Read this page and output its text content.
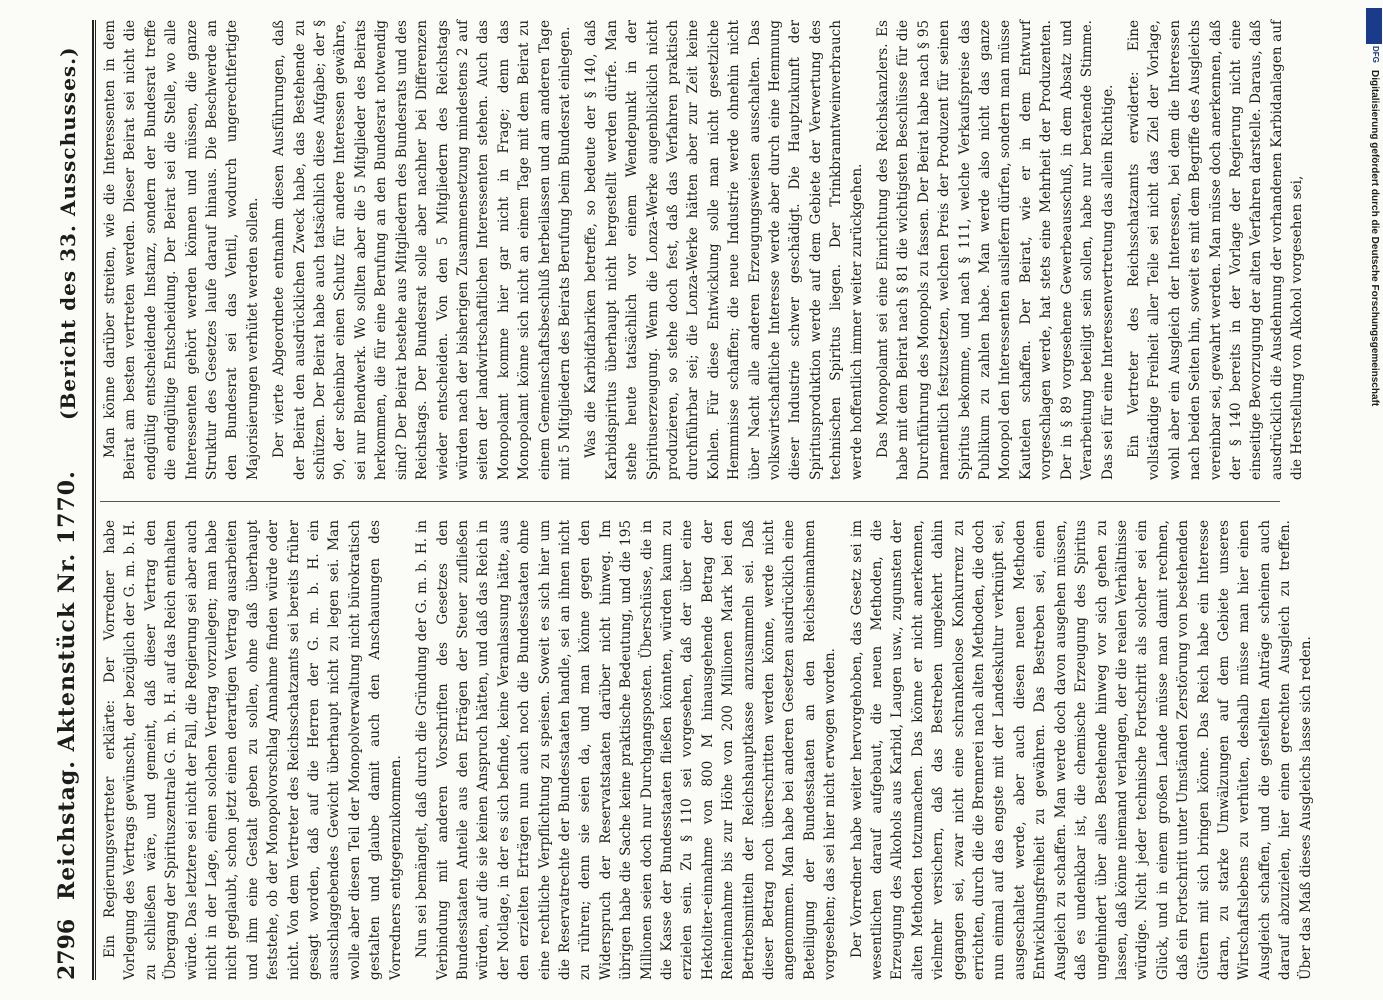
2796
Reichstag. Aktenstück Nr. 1770.
(Bericht des 33. Ausschusses.)

Ein Regierungsvertreter erklärte: Der Vorredner habe Vorlegung des Vertrags gewünscht, der bezüglich der G. m. b. H. zu schließen wäre, und gemeint, daß dieser Vertrag den Übergang der Spirituszentrale G. m. b. H. auf das Reich enthalten würde. Das letztere sei nicht der Fall, die Regierung sei aber auch nicht in der Lage, einen solchen Vertrag vorzulegen; man habe nicht geglaubt, schon jetzt einen derartigen Vertrag ausarbeiten und ihm eine Gestalt geben zu sollen, ohne daß überhaupt feststehe, ob der Monopolvorschlag Annahme finden würde oder nicht. Von dem Vertreter des Reichsschatzamts sei bereits früher gesagt worden, daß auf die Herren der G. m. b. H. ein ausschlaggebendes Gewicht überhaupt nicht zu legen sei. Man wolle aber diesen Teil der Monopolverwaltung nicht bürokratisch gestalten und glaube damit auch den Anschauungen des Vorredners entgegenzukommen. Nun sei bemängelt, daß durch die Gründung der G. m. b. H. in Verbindung mit anderen Vorschriften des Gesetzes den Bundesstaaten Anteile aus den Erträgen der Steuer zufließen würden, auf die sie keinen Anspruch hätten, und daß das Reich in der Notlage, in der es sich befinde, keine Veranlassung hätte, aus den erzielten Erträgen nun auch noch die Bundesstaaten ohne eine rechtliche Verpflichtung zu speisen. Soweit es sich hier um die Reservatrechte der Bundesstaaten handle, sei an ihnen nicht zu rühren; denn sie seien da, und man könne gegen den Widerspruch der Reservatstaaten darüber nicht hinweg. Im übrigen habe die Sache keine praktische Bedeutung, und die 195 Millionen seien doch nur Durchgangsposten. Überschüsse, die in die Kasse der Bundesstaaten fließen könnten, würden kaum zu erzielen sein. Zu § 110 sei vorgesehen, daß der über eine Hektoliter-einnahme von 800 M hinausgehende Betrag der Reineinnahme bis zur Höhe von 200 Millionen Mark bei den Betriebsmitteln der Reichshauptkasse anzusammeln sei. Daß dieser Betrag noch überschritten werden könne, werde nicht angenommen. Man habe bei anderen Gesetzen ausdrücklich eine Beteiligung der Bundesstaaten an den Reichseinnahmen vorgesehen; das sei hier nicht erwogen worden. Der Vorredner habe weiter hervorgehoben, das Gesetz sei im wesentlichen darauf aufgebaut, die neuen Methoden, die Erzeugung des Alkohols aus Karbid, Laugen usw., zugunsten der alten Methoden totzumachen. Das könne er nicht anerkennen, vielmehr versichern, daß das Bestreben umgekehrt dahin gegangen sei, zwar nicht eine schrankenlose Konkurrenz zu errichten, durch die die Brennerei nach alten Methoden, die doch nun einmal auf das engste mit der Landeskultur verknüpft sei, ausgeschaltet werde, aber auch diesen neuen Methoden Entwicklungsfreiheit zu gewähren. Das Bestreben sei, einen Ausgleich zu schaffen. Man werde doch davon ausgehen müssen, daß es undenkbar ist, die chemische Erzeugung des Spiritus ungehindert über alles Bestehende hinweg vor sich gehen zu lassen, daß könne niemand verlangen, der die realen Verhältnisse würdige. Nicht jeder technische Fortschritt als solcher sei ein Glück, und in einem großen Lande müsse man damit rechnen, daß ein Fortschritt unter Umständen Zerstörung von bestehenden Gütern mit sich bringen könne. Das Reich habe ein Interesse daran, zu starke Umwälzungen auf dem Gebiete unseres Wirtschaftslebens zu verhüten, deshalb müsse man hier einen Ausgleich schaffen, und die gestellten Anträge scheinen auch darauf abzuzielen, hier einen gerechten Ausgleich zu treffen. Über das Maß dieses Ausgleichs lasse sich reden.

Man könne darüber streiten, wie die Interessenten in dem Beirat am besten vertreten werden. Dieser Beirat sei nicht die endgültig entscheidende Instanz, sondern der Bundesrat treffe die endgültige Entscheidung. Der Beirat sei die Stelle, wo alle Interessenten gehört werden können und müssen, die ganze Struktur des Gesetzes laufe darauf hinaus. Die Beschwerde an den Bundesrat sei das Ventil, wodurch ungerechtfertigte Majorisierungen verhütet werden sollen. Der vierte Abgeordnete entnahm diesen Ausführungen, daß der Beirat den ausdrücklichen Zweck habe, das Bestehende zu schützen. Der Beirat habe auch tatsächlich diese Aufgabe; der § 90, der scheinbar einen Schutz für andere Interessen gewähre, sei nur Blendwerk. Wo sollten aber die 5 Mitglieder des Beirats herkommen, die für eine Berufung an den Bundesrat notwendig sind? Der Beirat bestehe aus Mitgliedern des Bundesrats und des Reichstags. Der Bundesrat solle aber nachher bei Differenzen wieder entscheiden. Von den 5 Mitgliedern des Reichstags würden nach der bisherigen Zusammensetzung mindestens 2 auf seiten der landwirtschaftlichen Interessenten stehen. Auch das Monopolamt komme hier gar nicht in Frage; denn das Monopolamt könne sich nicht an einem Tage mit dem Beirat zu einem Gemeinschaftsbeschluß herbeilassen und am anderen Tage mit 5 Mitgliedern des Beirats Berufung beim Bundesrat einlegen. Was die Karbidfabriken betreffe, so bedeute der § 140, daß Karbidspiritus überhaupt nicht hergestellt werden dürfe. Man stehe heute tatsächlich vor einem Wendepunkt in der Spirituserzeugung. Wenn die Lonza-Werke augenblicklich nicht produzieren, so stehe doch fest, daß das Verfahren praktisch durchführbar sei; die Lonza-Werke hätten aber zur Zeit keine Kohlen. Für diese Entwicklung solle man nicht gesetzliche Hemmnisse schaffen; die neue Industrie werde ohnehin nicht über Nacht alle anderen Erzeugungsweisen ausschalten. Das volkswirtschaftliche Interesse werde aber durch eine Hemmung dieser Industrie schwer geschädigt. Die Hauptzukunft der Spiritusproduktion werde auf dem Gebiete der Verwertung des technischen Spiritus liegen. Der Trinkbranntweinverbrauch werde hoffentlich immer weiter zurückgehen. Das Monopolamt sei eine Einrichtung des Reichskanzlers. Es habe mit dem Beirat nach § 81 die wichtigsten Beschlüsse für die Durchführung des Monopols zu fassen. Der Beirat habe nach § 95 namentlich festzusetzen, welchen Preis der Produzent für seinen Spiritus bekomme, und nach § 111, welche Verkaufspreise das Publikum zu zahlen habe. Man werde also nicht das ganze Monopol den Interessenten ausliefern dürfen, sondern man müsse Kautelen schaffen. Der Beirat, wie er in dem Entwurf vorgeschlagen werde, hat stets eine Mehrheit der Produzenten. Der in § 89 vorgesehene Gewerbeausschuß, in dem Absatz und Verarbeitung beteiligt sein sollen, habe nur beratende Stimme. Das sei für eine Interessenvertretung das allein Richtige. Ein Vertreter des Reichsschatzamts erwiderte: Eine vollständige Freiheit aller Teile sei nicht das Ziel der Vorlage, wohl aber ein Ausgleich der Interessen, bei dem die Interessen nach beiden Seiten hin, soweit es mit dem Begriffe des Ausgleichs vereinbar sei, gewahrt werden. Man müsse doch anerkennen, daß der § 140 bereits in der Vorlage der Regierung nicht eine einseitige Bevorzugung der alten Verfahren darstelle. Daraus, daß ausdrücklich die Ausdehnung der vorhandenen Karbidanlagen auf die Herstellung von Alkohol vorgesehen sei,

DFG
Digitalisierung gefördert durch die Deutsche Forschungsgemeinschaft
